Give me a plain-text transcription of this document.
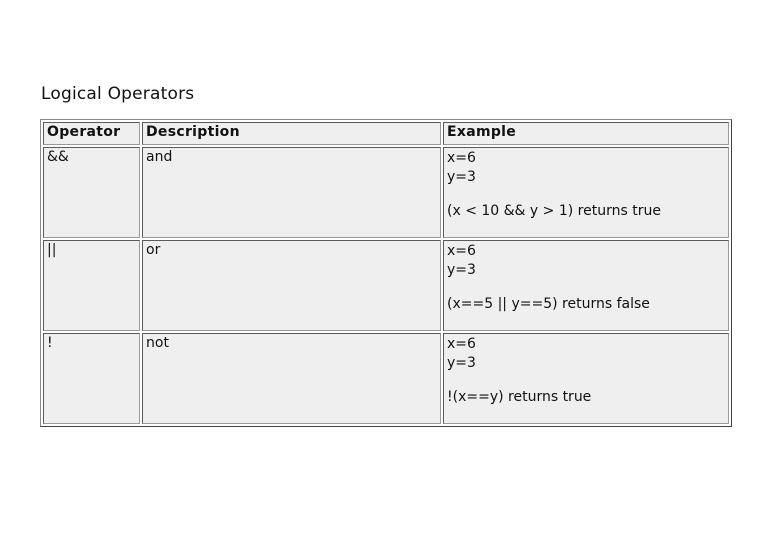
Logical Operators
Operator	Description	Example
&&	and	x=6
y=3
(x < 10 && y > 1) returns true

||	or	x=6
y=3
(x==5 || y==5) returns false

!	not	x=6
y=3
!(x==y) returns true
